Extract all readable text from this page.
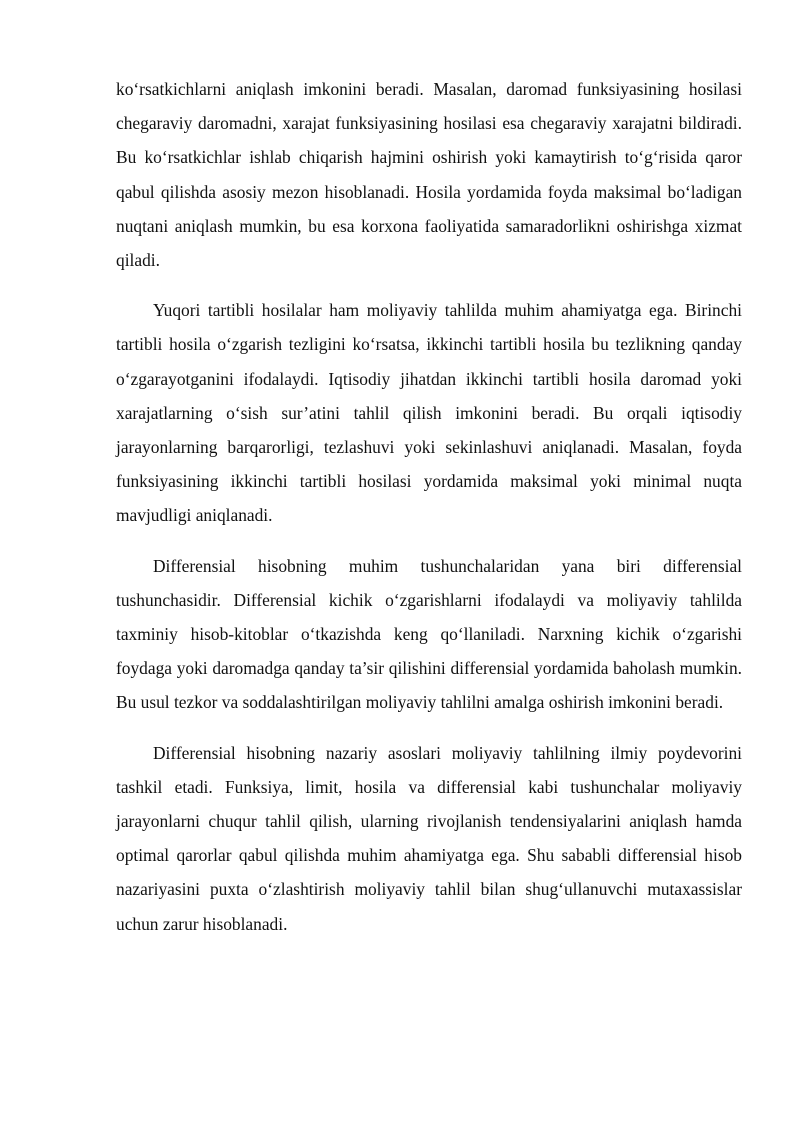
ko‘rsatkichlarni aniqlash imkonini beradi. Masalan, daromad funksiyasining hosilasi chegaraviy daromadni, xarajat funksiyasining hosilasi esa chegaraviy xarajatni bildiradi. Bu ko‘rsatkichlar ishlab chiqarish hajmini oshirish yoki kamaytirish to‘g‘risida qaror qabul qilishda asosiy mezon hisoblanadi. Hosila yordamida foyda maksimal bo‘ladigan nuqtani aniqlash mumkin, bu esa korxona faoliyatida samaradorlikni oshirishga xizmat qiladi.

Yuqori tartibli hosilalar ham moliyaviy tahlilda muhim ahamiyatga ega. Birinchi tartibli hosila o‘zgarish tezligini ko‘rsatsa, ikkinchi tartibli hosila bu tezlikning qanday o‘zgarayotganini ifodalaydi. Iqtisodiy jihatdan ikkinchi tartibli hosila daromad yoki xarajatlarning o‘sish sur’atini tahlil qilish imkonini beradi. Bu orqali iqtisodiy jarayonlarning barqarorligi, tezlashuvi yoki sekinlashuvi aniqlanadi. Masalan, foyda funksiyasining ikkinchi tartibli hosilasi yordamida maksimal yoki minimal nuqta mavjudligi aniqlanadi.

Differensial hisobning muhim tushunchalaridan yana biri differensial tushunchasidir. Differensial kichik o‘zgarishlarni ifodalaydi va moliyaviy tahlilda taxminiy hisob-kitoblar o‘tkazishda keng qo‘llaniladi. Narxning kichik o‘zgarishi foydaga yoki daromadga qanday ta’sir qilishini differensial yordamida baholash mumkin. Bu usul tezkor va soddalashtirilgan moliyaviy tahlilni amalga oshirish imkonini beradi.

Differensial hisobning nazariy asoslari moliyaviy tahlilning ilmiy poydevorini tashkil etadi. Funksiya, limit, hosila va differensial kabi tushunchalar moliyaviy jarayonlarni chuqur tahlil qilish, ularning rivojlanish tendensiyalarini aniqlash hamda optimal qarorlar qabul qilishda muhim ahamiyatga ega. Shu sababli differensial hisob nazariyasini puxta o‘zlashtirish moliyaviy tahlil bilan shug‘ullanuvchi mutaxassislar uchun zarur hisoblanadi.
